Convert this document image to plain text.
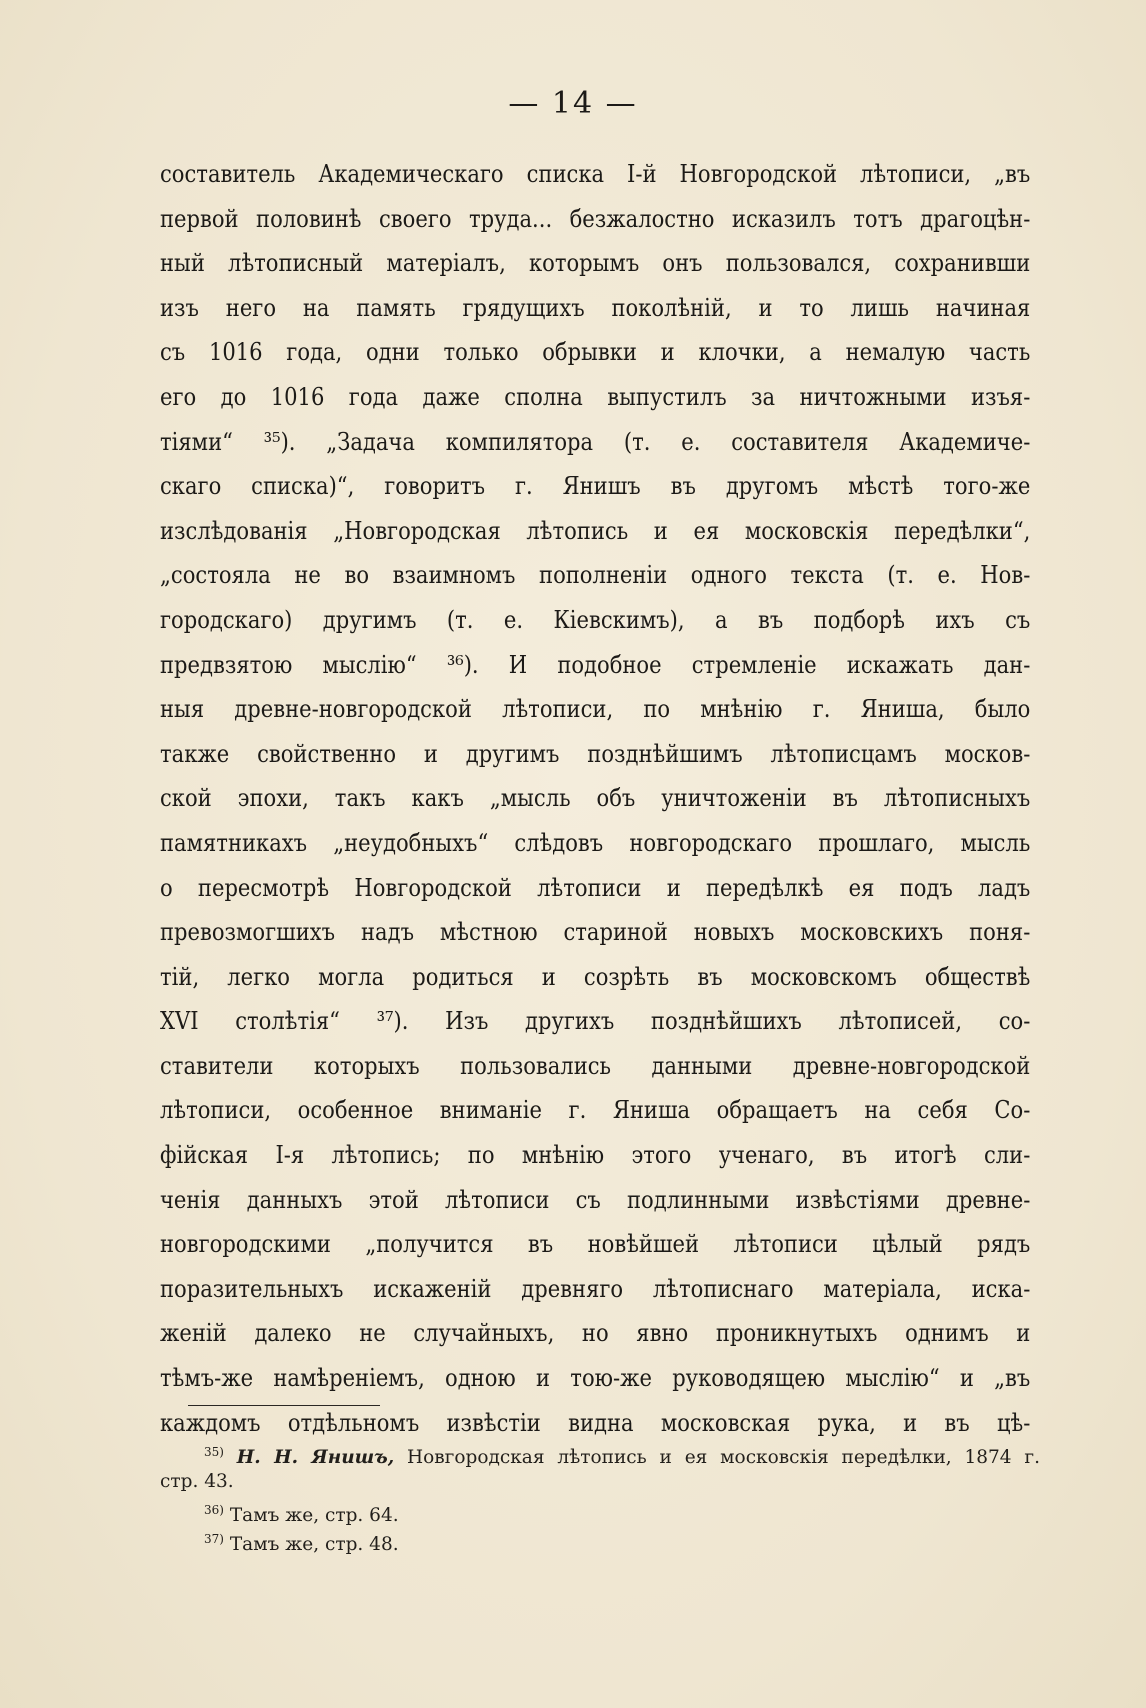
— 14 —
составитель Академическаго списка I-й Новгородской лѣтописи, „въ
первой половинѣ своего труда... безжалостно исказилъ тотъ драгоцѣн-
ный лѣтописный матеріалъ, которымъ онъ пользовался, сохранивши
изъ него на память грядущихъ поколѣній, и то лишь начиная
съ 1016 года, одни только обрывки и клочки, а немалую часть
его до 1016 года даже сполна выпустилъ за ничтожными изъя-
тіями“ ³⁵). „Задача компилятора (т. е. составителя Академиче-
скаго списка)“, говоритъ г. Янишъ въ другомъ мѣстѣ того-же
изслѣдованія „Новгородская лѣтопись и ея московскія передѣлки“,
„состояла не во взаимномъ пополненіи одного текста (т. е. Нов-
городскаго) другимъ (т. е. Кіевскимъ), а въ подборѣ ихъ съ
предвзятою мыслію“ ³⁶). И подобное стремленіе искажать дан-
ныя древне-новгородской лѣтописи, по мнѣнію г. Яниша, было
также свойственно и другимъ позднѣйшимъ лѣтописцамъ москов-
ской эпохи, такъ какъ „мысль объ уничтоженіи въ лѣтописныхъ
памятникахъ „неудобныхъ“ слѣдовъ новгородскаго прошлаго, мысль
о пересмотрѣ Новгородской лѣтописи и передѣлкѣ ея подъ ладъ
превозмогшихъ надъ мѣстною стариной новыхъ московскихъ поня-
тій, легко могла родиться и созрѣть въ московскомъ обществѣ
XVI столѣтія“ ³⁷). Изъ другихъ позднѣйшихъ лѣтописей, со-
ставители которыхъ пользовались данными древне-новгородской
лѣтописи, особенное вниманіе г. Яниша обращаетъ на себя Со-
фійская I-я лѣтопись; по мнѣнію этого ученаго, въ итогѣ сли-
ченія данныхъ этой лѣтописи съ подлинными извѣстіями древне-
новгородскими „получится въ новѣйшей лѣтописи цѣлый рядъ
поразительныхъ искаженій древняго лѣтописнаго матеріала, иска-
женій далеко не случайныхъ, но явно проникнутыхъ однимъ и
тѣмъ-же намѣреніемъ, одною и тою-же руководящею мыслію“ и „въ
каждомъ отдѣльномъ извѣстіи видна московская рука, и въ цѣ-
$^{35)}$ Н. Н. Янишъ, Новгородская лѣтопись и ея московскія передѣлки, 1874 г.
стр. 43.
$^{36)}$ Тамъ же, стр. 64.
$^{37)}$ Тамъ же, стр. 48.
